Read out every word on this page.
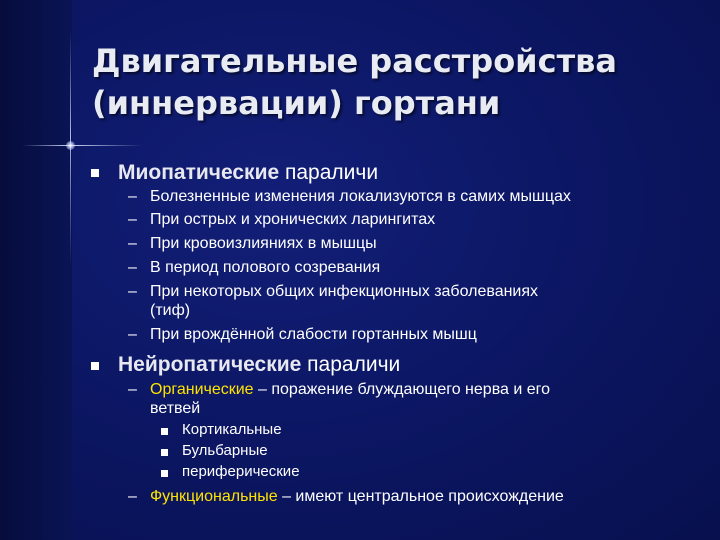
Двигательные расстройства
(иннервации) гортани
Миопатические параличи
– Болезненные изменения локализуются в самих мышцах
– При острых и хронических ларингитах
– При кровоизлияниях в мышцы
– В период полового созревания
– При некоторых общих инфекционных заболеваниях
(тиф)
– При врождённой слабости гортанных мышц
Нейропатические параличи
– Органические – поражение блуждающего нерва и его
ветвей
Кортикальные
Бульбарные
периферические
– Функциональные – имеют центральное происхождение
